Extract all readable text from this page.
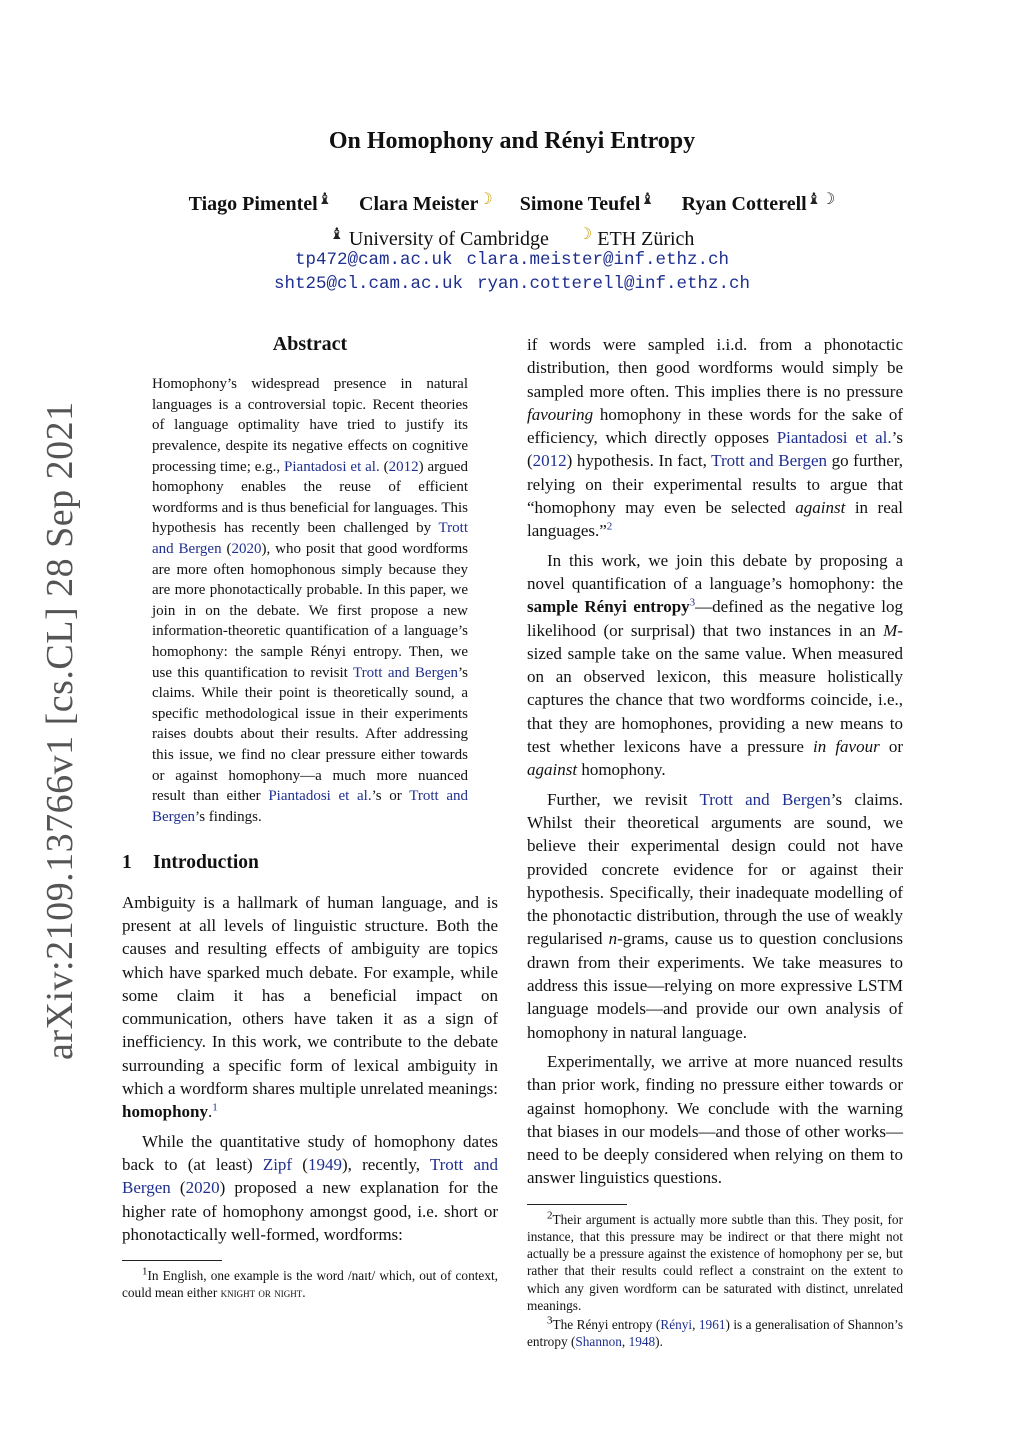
arXiv:2109.13766v1 [cs.CL] 28 Sep 2021
On Homophony and Rényi Entropy
Tiago Pimentel♝ Clara Meister☽ Simone Teufel♝ Ryan Cotterell♝☽
♝ University of Cambridge ☽ ETH Zürich
tp472@cam.ac.uk clara.meister@inf.ethz.ch
sht25@cl.cam.ac.uk ryan.cotterell@inf.ethz.ch
Abstract
Homophony’s widespread presence in natural languages is a controversial topic. Recent theories of language optimality have tried to justify its prevalence, despite its negative effects on cognitive processing time; e.g., Piantadosi et al. (2012) argued homophony enables the reuse of efficient wordforms and is thus beneficial for languages. This hypothesis has recently been challenged by Trott and Bergen (2020), who posit that good wordforms are more often homophonous simply because they are more phonotactically probable. In this paper, we join in on the debate. We first propose a new information-theoretic quantification of a language’s homophony: the sample Rényi entropy. Then, we use this quantification to revisit Trott and Bergen’s claims. While their point is theoretically sound, a specific methodological issue in their experiments raises doubts about their results. After addressing this issue, we find no clear pressure either towards or against homophony—a much more nuanced result than either Piantadosi et al.’s or Trott and Bergen’s findings.
1 Introduction

Ambiguity is a hallmark of human language, and is present at all levels of linguistic structure. Both the causes and resulting effects of ambiguity are topics which have sparked much debate. For example, while some claim it has a beneficial impact on communication, others have taken it as a sign of inefficiency. In this work, we contribute to the debate surrounding a specific form of lexical ambiguity in which a wordform shares multiple unrelated meanings: homophony.$^1$

While the quantitative study of homophony dates back to (at least) Zipf (1949), recently, Trott and Bergen (2020) proposed a new explanation for the higher rate of homophony amongst good, i.e. short or phonotactically well-formed, wordforms:

$^1$In English, one example is the word /naɪt/ which, out of context, could mean either knight or night.

if words were sampled i.i.d. from a phonotactic distribution, then good wordforms would simply be sampled more often. This implies there is no pressure favouring homophony in these words for the sake of efficiency, which directly opposes Piantadosi et al.’s (2012) hypothesis. In fact, Trott and Bergen go further, relying on their experimental results to argue that “homophony may even be selected against in real languages.”$^2$

In this work, we join this debate by proposing a novel quantification of a language’s homophony: the sample Rényi entropy$^3$—defined as the negative log likelihood (or surprisal) that two instances in an M-sized sample take on the same value. When measured on an observed lexicon, this measure holistically captures the chance that two wordforms coincide, i.e., that they are homophones, providing a new means to test whether lexicons have a pressure in favour or against homophony.

Further, we revisit Trott and Bergen’s claims. Whilst their theoretical arguments are sound, we believe their experimental design could not have provided concrete evidence for or against their hypothesis. Specifically, their inadequate modelling of the phonotactic distribution, through the use of weakly regularised n-grams, cause us to question conclusions drawn from their experiments. We take measures to address this issue—relying on more expressive LSTM language models—and provide our own analysis of homophony in natural language.

Experimentally, we arrive at more nuanced results than prior work, finding no pressure either towards or against homophony. We conclude with the warning that biases in our models—and those of other works—need to be deeply considered when relying on them to answer linguistics questions.

$^2$Their argument is actually more subtle than this. They posit, for instance, that this pressure may be indirect or that there might not actually be a pressure against the existence of homophony per se, but rather that their results could reflect a constraint on the extent to which any given wordform can be saturated with distinct, unrelated meanings.

$^3$The Rényi entropy (Rényi, 1961) is a generalisation of Shannon’s entropy (Shannon, 1948).
